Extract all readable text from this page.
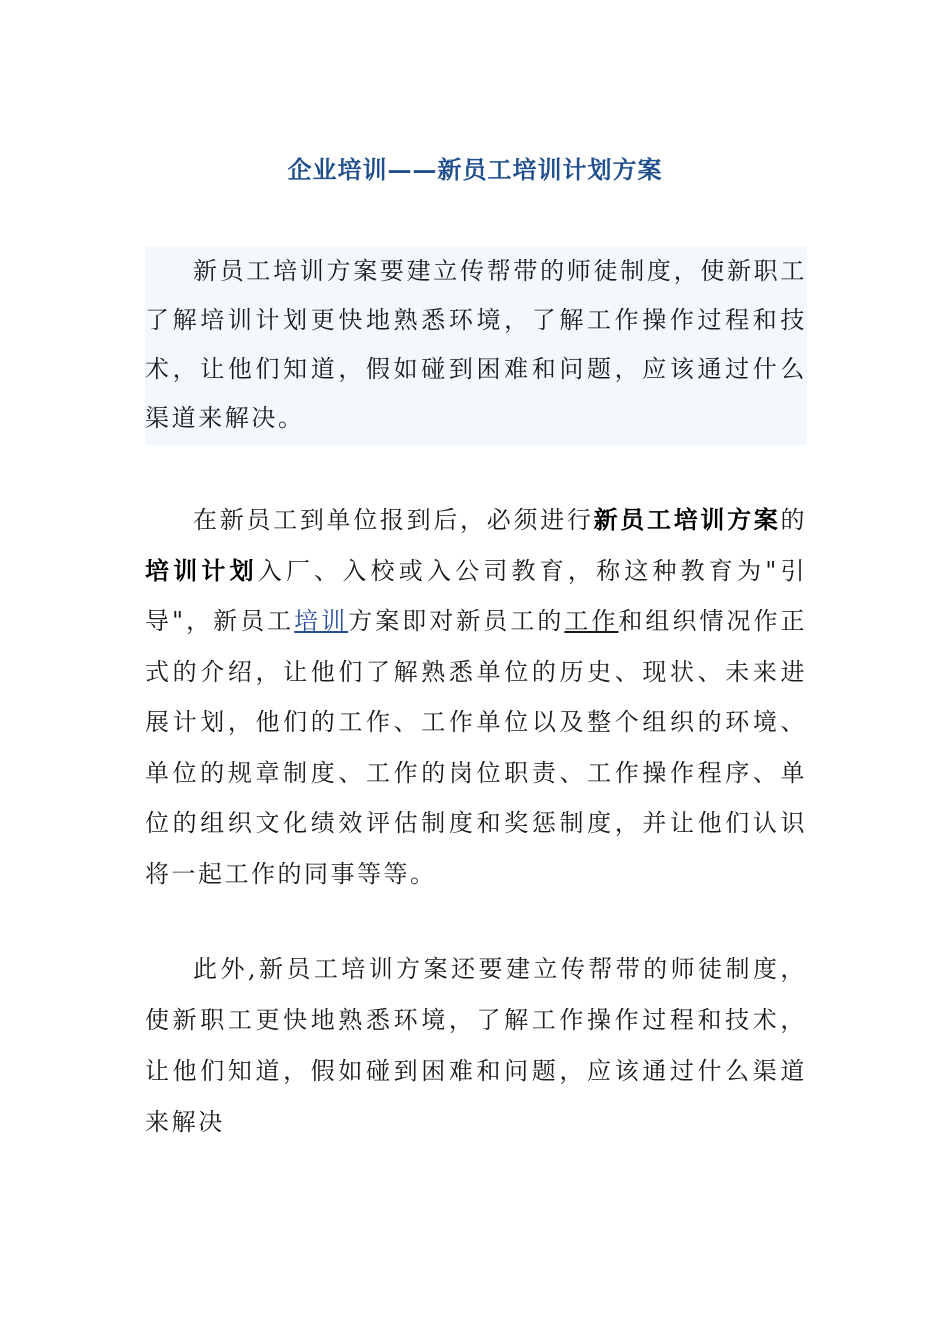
企业培训——新员工培训计划方案
新员工培训方案要建立传帮带的师徒制度，使新职工了解培训计划更快地熟悉环境，了解工作操作过程和技术，让他们知道，假如碰到困难和问题，应该通过什么渠道来解决。
在新员工到单位报到后，必须进行新员工培训方案的培训计划入厂、入校或入公司教育，称这种教育为"引导"，新员工培训方案即对新员工的工作和组织情况作正式的介绍，让他们了解熟悉单位的历史、现状、未来进展计划，他们的工作、工作单位以及整个组织的环境、单位的规章制度、工作的岗位职责、工作操作程序、单位的组织文化绩效评估制度和奖惩制度，并让他们认识将一起工作的同事等等。
此外,新员工培训方案还要建立传帮带的师徒制度，使新职工更快地熟悉环境，了解工作操作过程和技术，让他们知道，假如碰到困难和问题，应该通过什么渠道来解决
